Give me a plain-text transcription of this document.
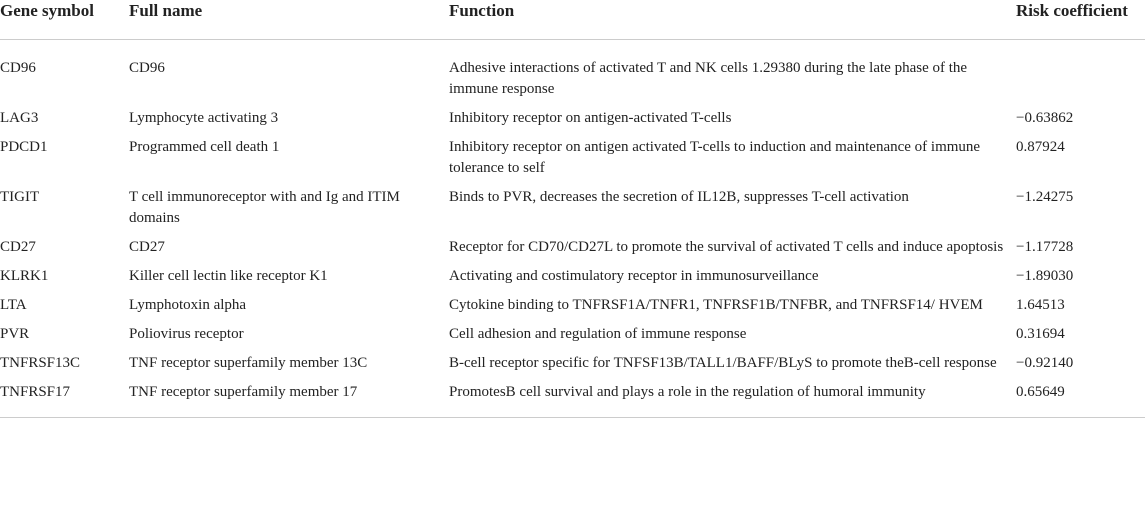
Gene symbol	Full name	Function	Risk coefficient
CD96	CD96	Adhesive interactions of activated T and NK cells 1.29380 during the late phase of the immune response	
LAG3	Lymphocyte activating 3	Inhibitory receptor on antigen-activated T-cells	−0.63862
PDCD1	Programmed cell death 1	Inhibitory receptor on antigen activated T-cells to induction and maintenance of immune tolerance to self	0.87924
TIGIT	T cell immunoreceptor with and Ig and ITIM domains	Binds to PVR, decreases the secretion of IL12B, suppresses T-cell activation	−1.24275
CD27	CD27	Receptor for CD70/CD27L to promote the survival of activated T cells and induce apoptosis	−1.17728
KLRK1	Killer cell lectin like receptor K1	Activating and costimulatory receptor in immunosurveillance	−1.89030
LTA	Lymphotoxin alpha	Cytokine binding to TNFRSF1A/TNFR1, TNFRSF1B/TNFBR, and TNFRSF14/ HVEM	1.64513
PVR	Poliovirus receptor	Cell adhesion and regulation of immune response	0.31694
TNFRSF13C	TNF receptor superfamily member 13C	B-cell receptor specific for TNFSF13B/TALL1/BAFF/BLyS to promote theB-cell response	−0.92140
TNFRSF17	TNF receptor superfamily member 17	PromotesB cell survival and plays a role in the regulation of humoral immunity	0.65649
